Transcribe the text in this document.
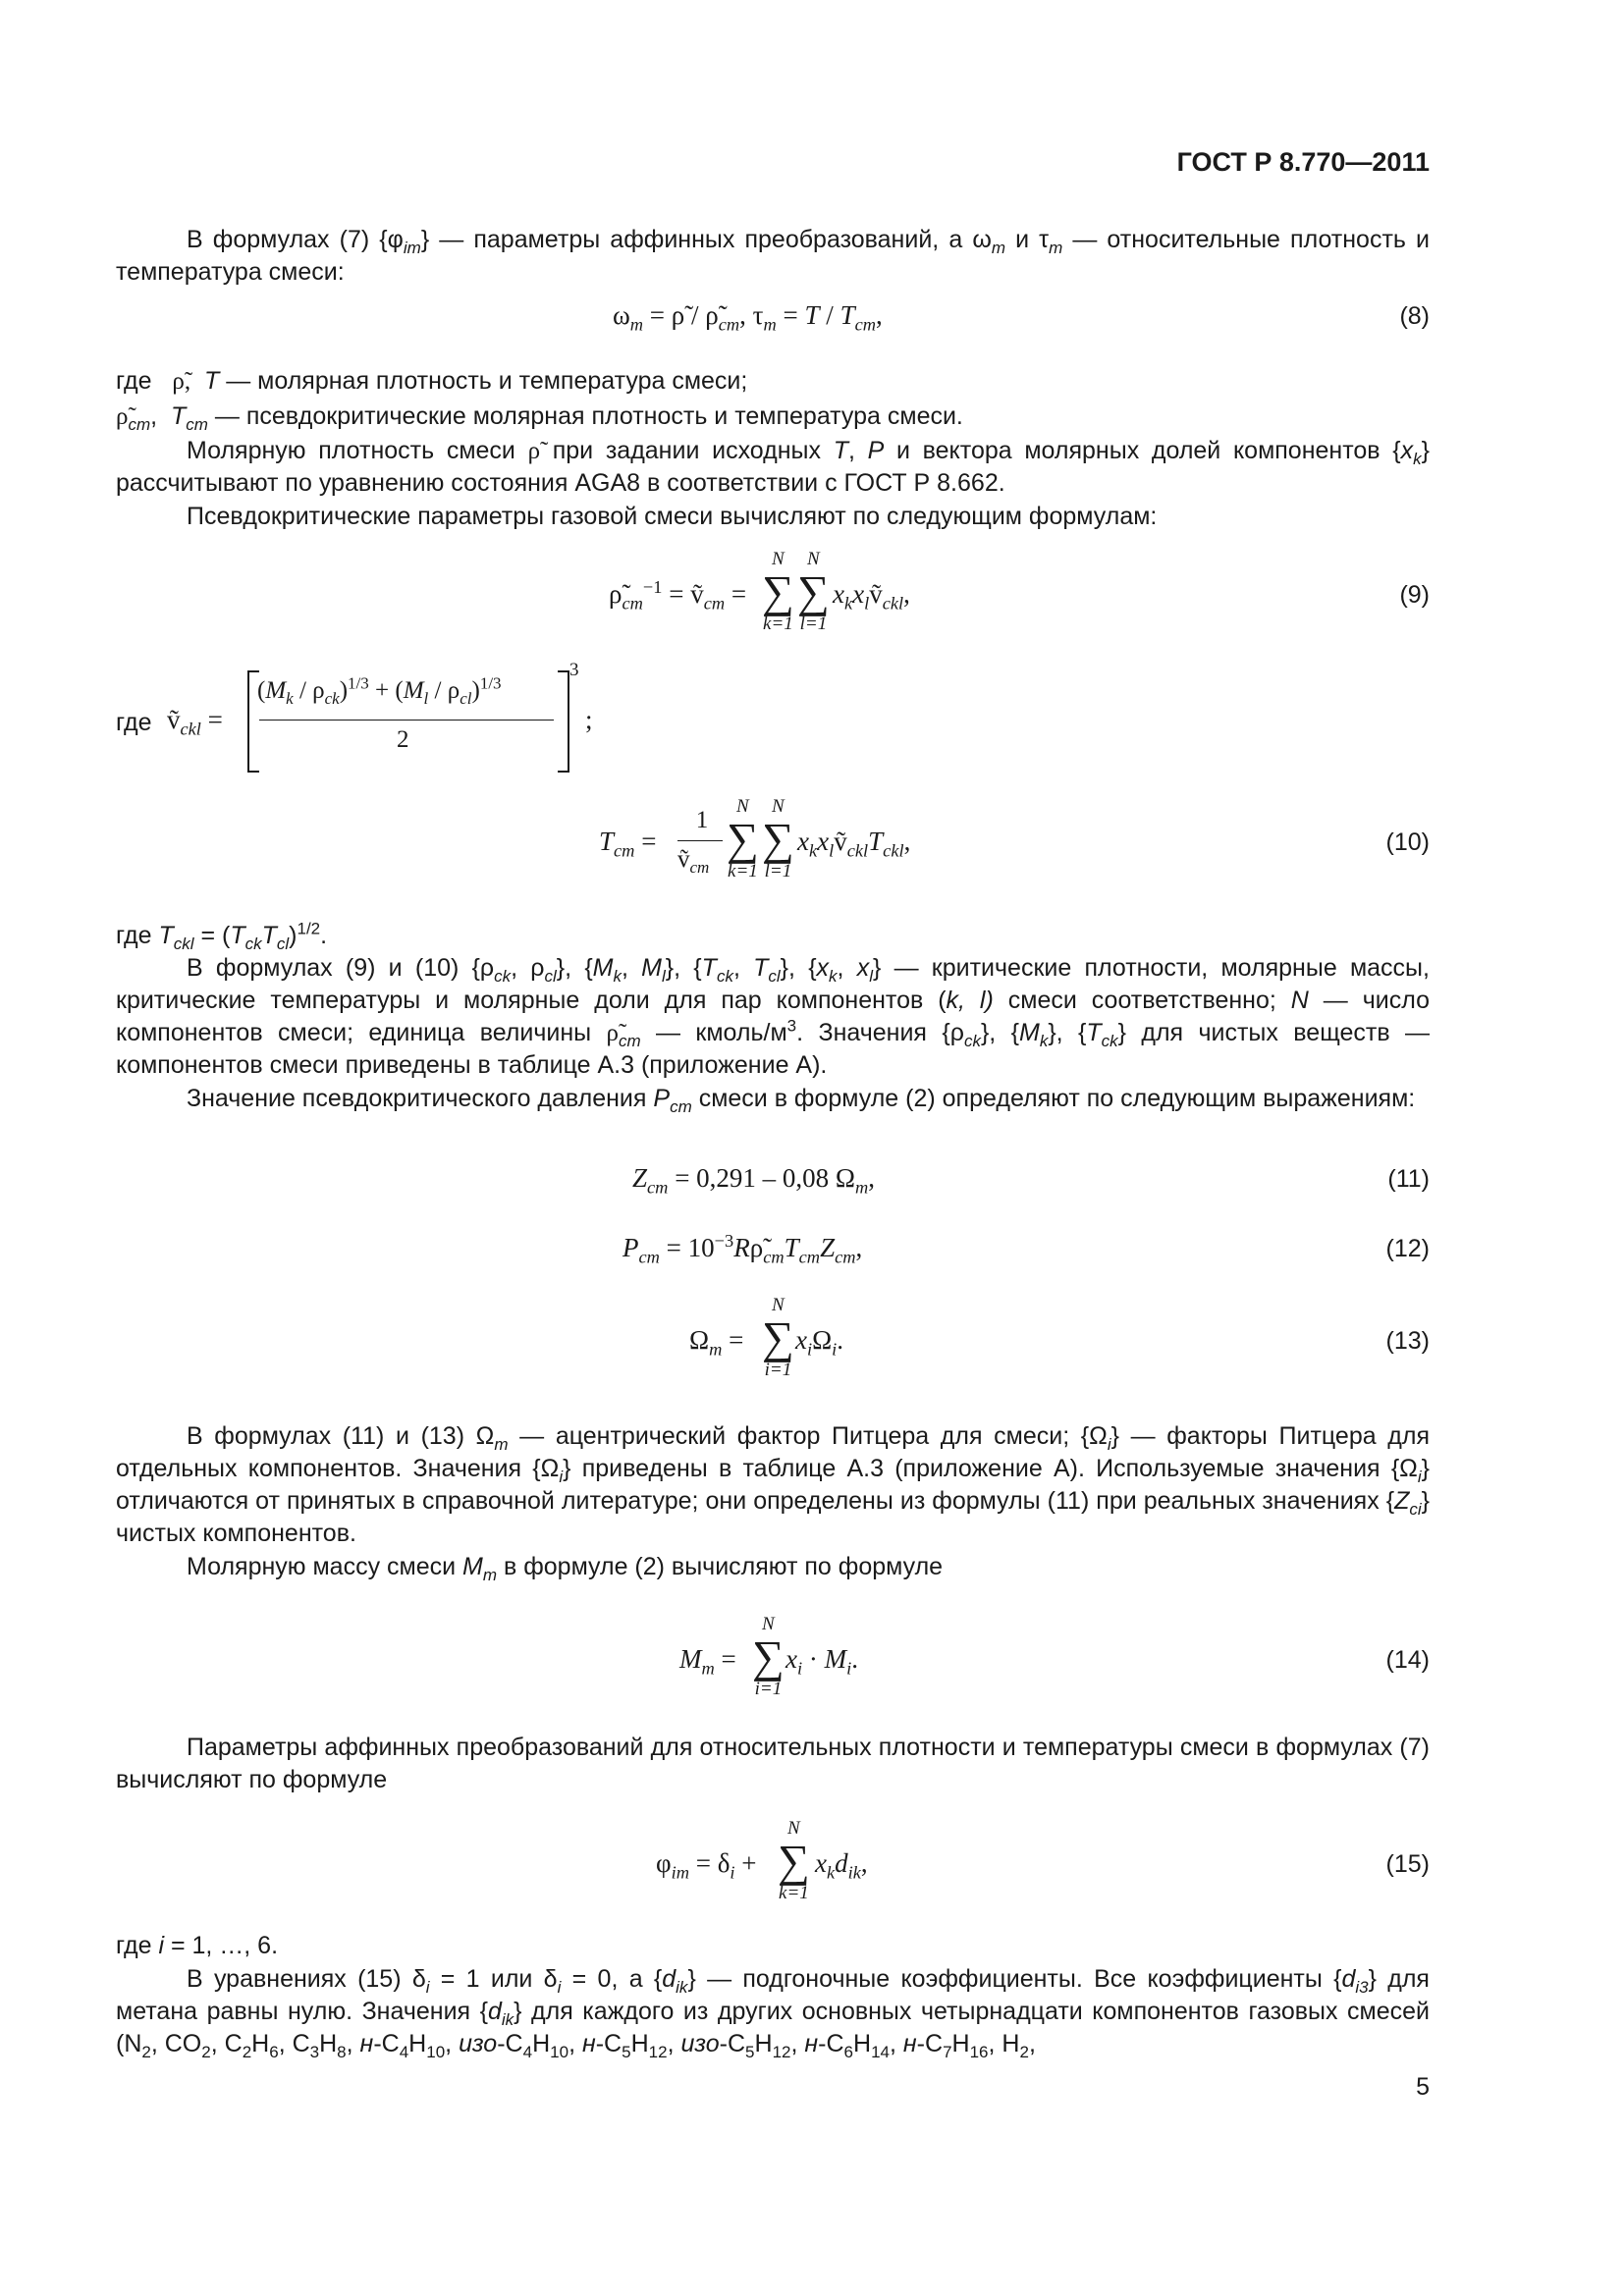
ГОСТ Р 8.770—2011

В формулах (7) $\{\varphi_{im}\}$ — параметры аффинных преобразований, а $\omega_m$ и $\tau_m$ — относительные плотность и температура смеси:

$\omega_m$ = ρ̃ / $\rhõ_{cm}$, $\tau_m = T / T_{cm}$,	(8)
где ρ̃, T — молярная плотность и температура смеси;
$\rhõ_{cm}$, $T_{cm}$ — псевдокритические молярная плотность и температура смеси.

Молярную плотность смеси ρ̃ при задании исходных T, P и вектора молярных долей компонентов $\{x_k\}$ рассчитывают по уравнению состояния AGA8 в соответствии с ГОСТ Р 8.662.

Псевдокритические параметры газовой смеси вычисляют по следующим формулам:

$\rhõ_{cm}^{-1}$ = ṽ$_{cm}$ =
N
∑
k=1
N
∑
l=1
$x_kx_lṽ_{ckl}$,	(9)
где ṽ$_{ckl}$ =
$(M_k / \rho_{ck})^{1/3} + (M_l / \rho_{cl})^{1/3}$
2
3
;
$T_{cm}$ =
1
ṽ$_{cm}$
N
∑
k=1
N
∑
l=1
$x_kx_lṽ_{ckl}T_{ckl}$,	(10)
где $T_{ckl} = (T_{ck}T_{cl})^{1/2}$.

В формулах (9) и (10) {$\rho_{ck}$, $\rho_{cl}$}, {$M_k$, $M_l$}, {$T_{ck}$, $T_{cl}$}, {$x_k$, $x_l$} — критические плотности, молярные массы, критические температуры и молярные доли для пар компонентов (k, l) смеси соответственно; N — число компонентов смеси; единица величины $\rhõ_{cm}$ — кмоль/$м^3$. Значения $\{\rho_{ck}\}$, $\{M_k\}$, $\{T_{ck}\}$ для чистых веществ — компонентов смеси приведены в таблице А.3 (приложение А).

Значение псевдокритического давления $P_{cm}$ смеси в формуле (2) определяют по следующим выражениям:

$Z_{cm} = 0,291 - 0,08$ $\Omega_m$,	(11)
$P_{cm}$ = $10^{-3}R\rhõ_{cm}T_{cm}Z_{cm}$,	(12)
$\Omega_m$ =
N
∑
i=1
$x_i\Omega_i$.	(13)

В формулах (11) и (13) $\Omega_m$ — ацентрический фактор Питцера для смеси; $\{\Omega_i\}$ — факторы Питцера для отдельных компонентов. Значения $\{\Omega_i\}$ приведены в таблице А.3 (приложение А). Используемые значения $\{\Omega_i\}$ отличаются от принятых в справочной литературе; они определены из формулы (11) при реальных значениях $\{Z_{ci}\}$ чистых компонентов.

Молярную массу смеси $M_m$ в формуле (2) вычисляют по формуле

$M_m$ =
N
∑
i=1
$x_i \cdot M_i$.	(14)

Параметры аффинных преобразований для относительных плотности и температуры смеси в формулах (7) вычисляют по формуле

$\varphi_{im} = \delta_i$ +
N
∑
k=1
$x_kd_{ik}$,	(15)
где i = 1, …, 6.

В уравнениях (15) $\delta_i = 1$ или $\delta_i = 0$, а $\{d_{ik}\}$ — подгоночные коэффициенты. Все коэффициенты $\{d_{i3}\}$ для метана равны нулю. Значения $\{d_{ik}\}$ для каждого из других основных четырнадцати компонентов газовых смесей ($N_2$, $CO_2$, $C_2H_6$, $C_3H_8$, $н-C_4H_{10}$, изо-$C_4H_{10}$, $н-C_5H_{12}$, изо-$C_5H_{12}$, $н-C_6H_{14}$, $н-C_7H_{16}$, $H_2$,

5
